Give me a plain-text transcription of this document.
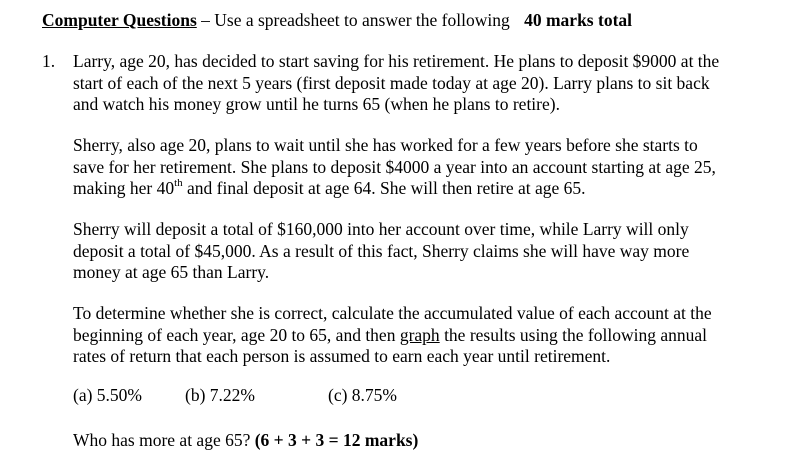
Computer Questions – Use a spreadsheet to answer the following 40 marks total
1. Larry, age 20, has decided to start saving for his retirement. He plans to deposit $9000 at the
start of each of the next 5 years (first deposit made today at age 20). Larry plans to sit back
and watch his money grow until he turns 65 (when he plans to retire).

Sherry, also age 20, plans to wait until she has worked for a few years before she starts to
save for her retirement. She plans to deposit $4000 a year into an account starting at age 25,
making her 40th and final deposit at age 64. She will then retire at age 65.

Sherry will deposit a total of $160,000 into her account over time, while Larry will only
deposit a total of $45,000. As a result of this fact, Sherry claims she will have way more
money at age 65 than Larry.

To determine whether she is correct, calculate the accumulated value of each account at the
beginning of each year, age 20 to 65, and then graph the results using the following annual
rates of return that each person is assumed to earn each year until retirement.

(a) 5.50% (b) 7.22%	(c) 8.75%
Who has more at age 65? (6 + 3 + 3 = 12 marks)
